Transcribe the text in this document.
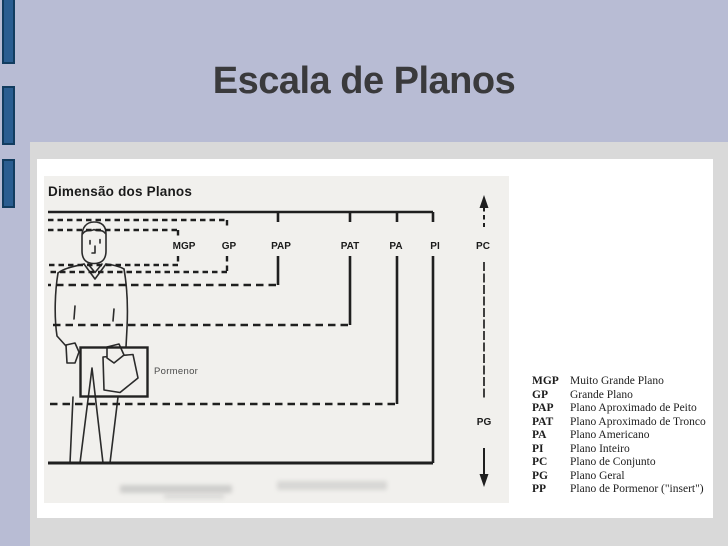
Escala de Planos
Dimensão dos Planos
MGP	GP	PAP	PAT	PA	PI	PC
PG
Pormenor
MGP Muito Grande Plano
GP	Grande Plano
PAP	Plano Aproximado de Peito
PAT	Plano Aproximado de Tronco
PA	Plano Americano
PI	Plano Inteiro
PC	Plano de Conjunto
PG	Plano Geral
PP	Plano de Pormenor ("insert")
